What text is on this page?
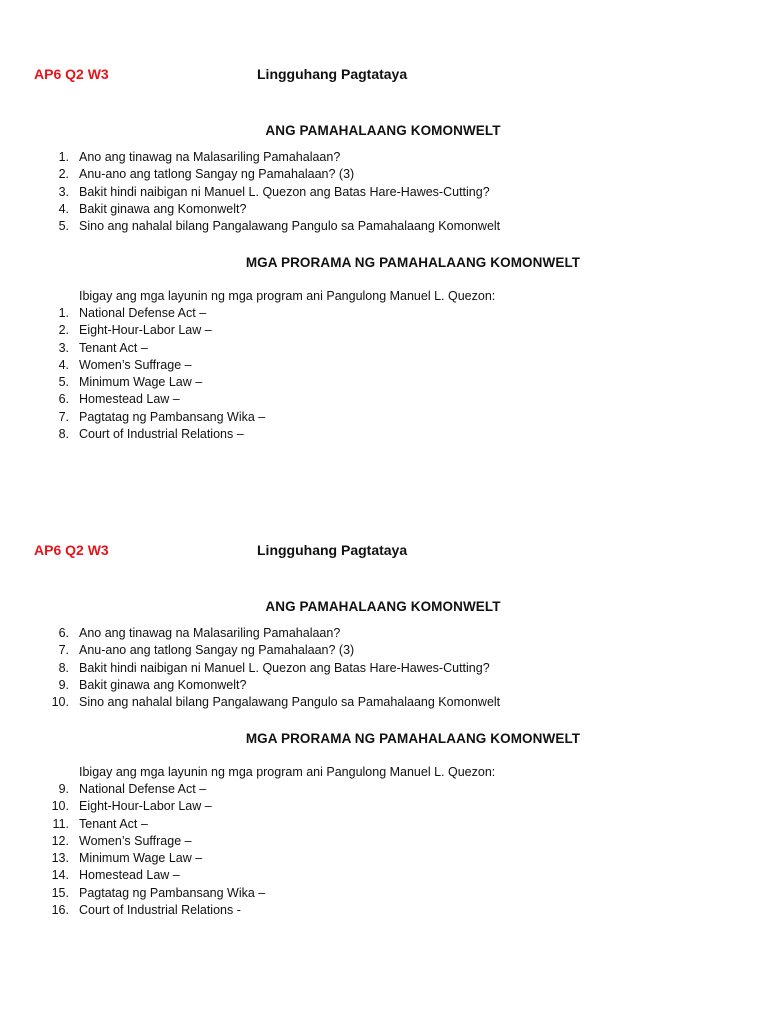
AP6 Q2 W3	Lingguhang Pagtataya
ANG PAMAHALAANG KOMONWELT
1. Ano ang tinawag na Malasariling Pamahalaan?
2. Anu-ano ang tatlong Sangay ng Pamahalaan? (3)
3. Bakit hindi naibigan ni Manuel L. Quezon ang Batas Hare-Hawes-Cutting?
4. Bakit ginawa ang Komonwelt?
5. Sino ang nahalal bilang Pangalawang Pangulo sa Pamahalaang Komonwelt
MGA PRORAMA NG PAMAHALAANG KOMONWELT
Ibigay ang mga layunin ng mga program ani Pangulong Manuel L. Quezon:
1. National Defense Act –
2. Eight-Hour-Labor Law –
3. Tenant Act –
4. Women’s Suffrage –
5. Minimum Wage Law –
6. Homestead Law –
7. Pagtatag ng Pambansang Wika –
8. Court of Industrial Relations –
AP6 Q2 W3	Lingguhang Pagtataya
ANG PAMAHALAANG KOMONWELT
6. Ano ang tinawag na Malasariling Pamahalaan?
7. Anu-ano ang tatlong Sangay ng Pamahalaan? (3)
8. Bakit hindi naibigan ni Manuel L. Quezon ang Batas Hare-Hawes-Cutting?
9. Bakit ginawa ang Komonwelt?
10. Sino ang nahalal bilang Pangalawang Pangulo sa Pamahalaang Komonwelt
MGA PRORAMA NG PAMAHALAANG KOMONWELT
Ibigay ang mga layunin ng mga program ani Pangulong Manuel L. Quezon:
9. National Defense Act –
10. Eight-Hour-Labor Law –
11. Tenant Act –
12. Women’s Suffrage –
13. Minimum Wage Law –
14. Homestead Law –
15. Pagtatag ng Pambansang Wika –
16. Court of Industrial Relations -
